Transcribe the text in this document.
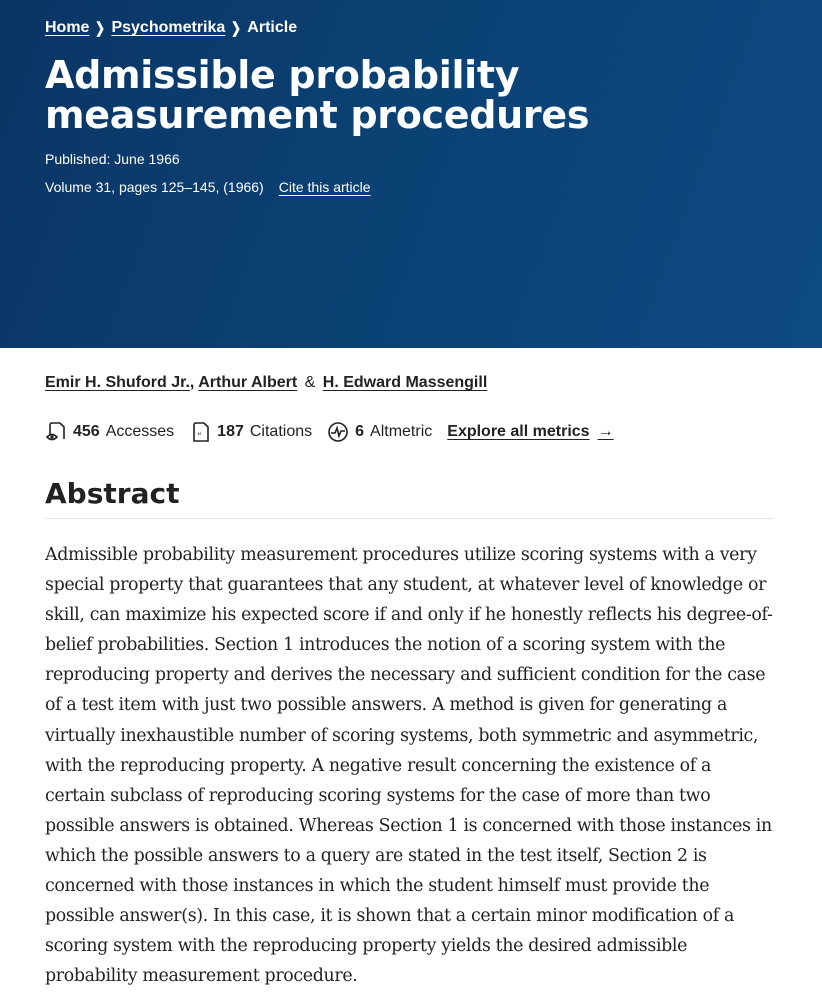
Home ❯ Psychometrika ❯ Article
Admissible probability measurement procedures
Published: June 1966
Volume 31, pages 125–145, (1966) Cite this article
Emir H. Shuford Jr., Arthur Albert & H. Edward Massengill
456 Accesses	“ 187 Citations	6 Altmetric Explore all metrics →
Abstract

Admissible probability measurement procedures utilize scoring systems with a very special property that guarantees that any student, at whatever level of knowledge or skill, can maximize his expected score if and only if he honestly reflects his degree-of-belief probabilities. Section 1 introduces the notion of a scoring system with the reproducing property and derives the necessary and sufficient condition for the case of a test item with just two possible answers. A method is given for generating a virtually inexhaustible number of scoring systems, both symmetric and asymmetric, with the reproducing property. A negative result concerning the existence of a certain subclass of reproducing scoring systems for the case of more than two possible answers is obtained. Whereas Section 1 is concerned with those instances in which the possible answers to a query are stated in the test itself, Section 2 is concerned with those instances in which the student himself must provide the possible answer(s). In this case, it is shown that a certain minor modification of a scoring system with the reproducing property yields the desired admissible probability measurement procedure.
